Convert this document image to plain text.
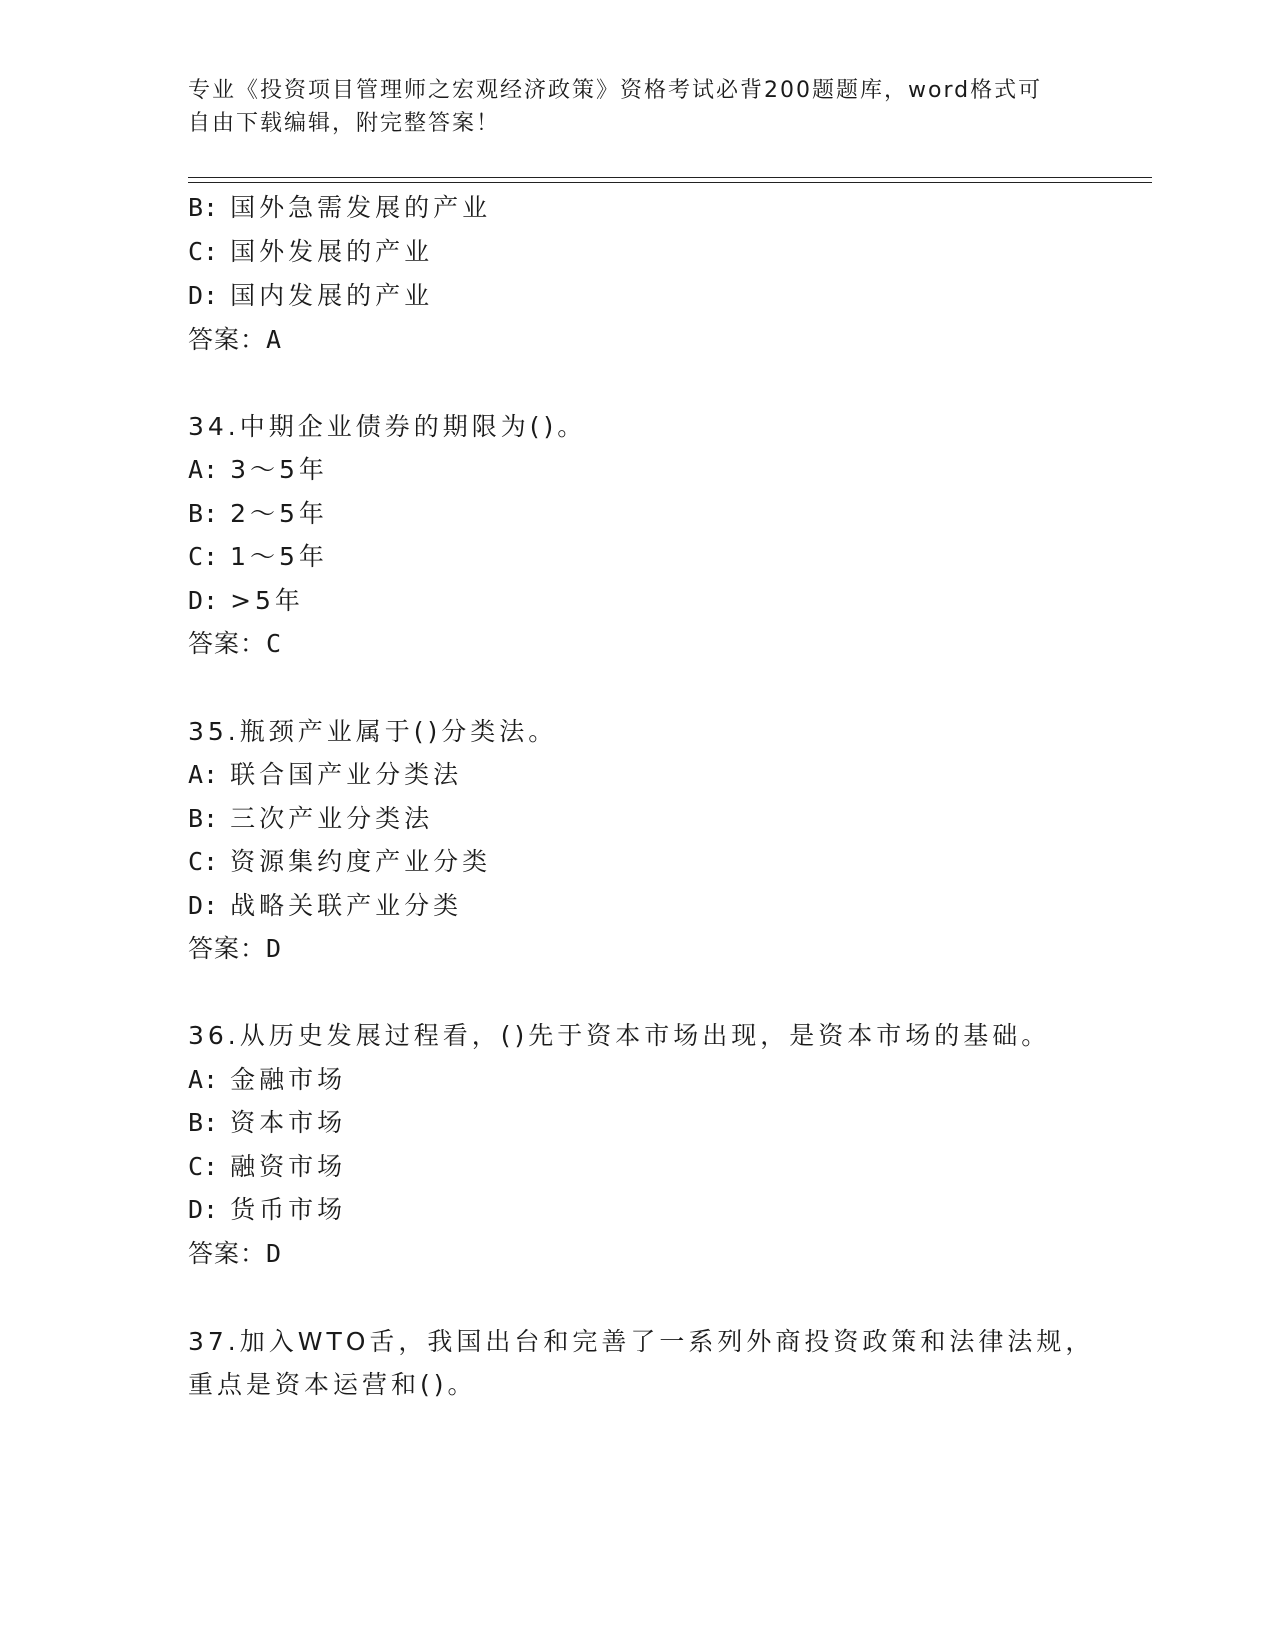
专业《投资项目管理师之宏观经济政策》资格考试必背200题题库，word格式可
自由下载编辑，附完整答案！
B: 国外急需发展的产业
C: 国外发展的产业
D: 国内发展的产业
答案：A
34.中期企业债券的期限为()。
A: 3～5年
B: 2～5年
C: 1～5年
D: >5年
答案：C
35.瓶颈产业属于()分类法。
A: 联合国产业分类法
B: 三次产业分类法
C: 资源集约度产业分类
D: 战略关联产业分类
答案：D
36.从历史发展过程看，()先于资本市场出现，是资本市场的基础。
A: 金融市场
B: 资本市场
C: 融资市场
D: 货币市场
答案：D
37.加入WTO舌，我国出台和完善了一系列外商投资政策和法律法规，
重点是资本运营和()。
